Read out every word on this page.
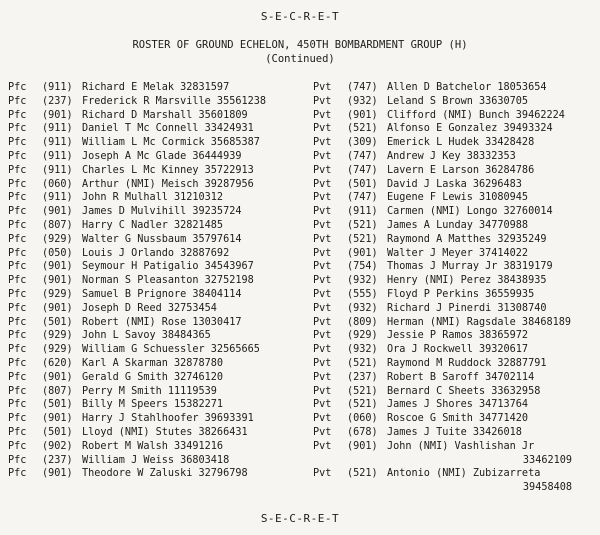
S-E-C-R-E-T
ROSTER OF GROUND ECHELON, 450TH BOMBARDMENT GROUP (H)
(Continued)
Pfc (911) Richard E Melak 32831597
Pfc (237) Frederick R Marsville 35561238
Pfc (901) Richard D Marshall 35601809
Pfc (911) Daniel T Mc Connell 33424931
Pfc (911) William L Mc Cormick 35685387
Pfc (911) Joseph A Mc Glade 36444939
Pfc (911) Charles L Mc Kinney 35722913
Pfc (060) Arthur (NMI) Meisch 39287956
Pfc (911) John R Mulhall 31210312
Pfc (901) James D Mulvihill 39235724
Pfc (807) Harry C Nadler 32821485
Pfc (929) Walter G Nussbaum 35797614
Pfc (050) Louis J Orlando 32887692
Pfc (901) Seymour H Patigalio 34543967
Pfc (901) Norman S Pleasanton 32752198
Pfc (929) Samuel B Prignore 38404114
Pfc (901) Joseph D Reed 32753454
Pfc (501) Robert (NMI) Rose 13030417
Pfc (929) John L Savoy 38484365
Pfc (929) William G Schuessler 32565665
Pfc (620) Karl A Skarman 32878780
Pfc (901) Gerald G Smith 32746120
Pfc (807) Perry M Smith 11119539
Pfc (501) Billy M Speers 15382271
Pfc (901) Harry J Stahlhoofer 39693391
Pfc (501) Lloyd (NMI) Stutes 38266431
Pfc (902) Robert M Walsh 33491216
Pfc (237) William J Weiss 36803418
Pfc (901) Theodore W Zaluski 32796798
Pvt (747) Allen D Batchelor 18053654
Pvt (932) Leland S Brown 33630705
Pvt (901) Clifford (NMI) Bunch 39462224
Pvt (521) Alfonso E Gonzalez 39493324
Pvt (309) Emerick L Hudek 33428428
Pvt (747) Andrew J Key 38332353
Pvt (747) Lavern E Larson 36284786
Pvt (501) David J Laska 36296483
Pvt (747) Eugene F Lewis 31080945
Pvt (911) Carmen (NMI) Longo 32760014
Pvt (521) James A Lunday 34770988
Pvt (521) Raymond A Matthes 32935249
Pvt (901) Walter J Meyer 37414022
Pvt (754) Thomas J Murray Jr 38319179
Pvt (932) Henry (NMI) Perez 38438935
Pvt (555) Floyd P Perkins 36559935
Pvt (932) Richard J Pinerdi 31308740
Pvt (809) Herman (NMI) Ragsdale 38468189
Pvt (929) Jessie P Ramos 38365972
Pvt (932) Ora J Rockwell 39320617
Pvt (521) Raymond M Ruddock 32887791
Pvt (237) Robert B Saroff 34702114
Pvt (521) Bernard C Sheets 33632958
Pvt (521) James J Shores 34713764
Pvt (060) Roscoe G Smith 34771420
Pvt (678) James J Tuite 33426018
Pvt (901) John (NMI) Vashlishan Jr
33462109
Pvt (521) Antonio (NMI) Zubizarreta
39458408
S-E-C-R-E-T
